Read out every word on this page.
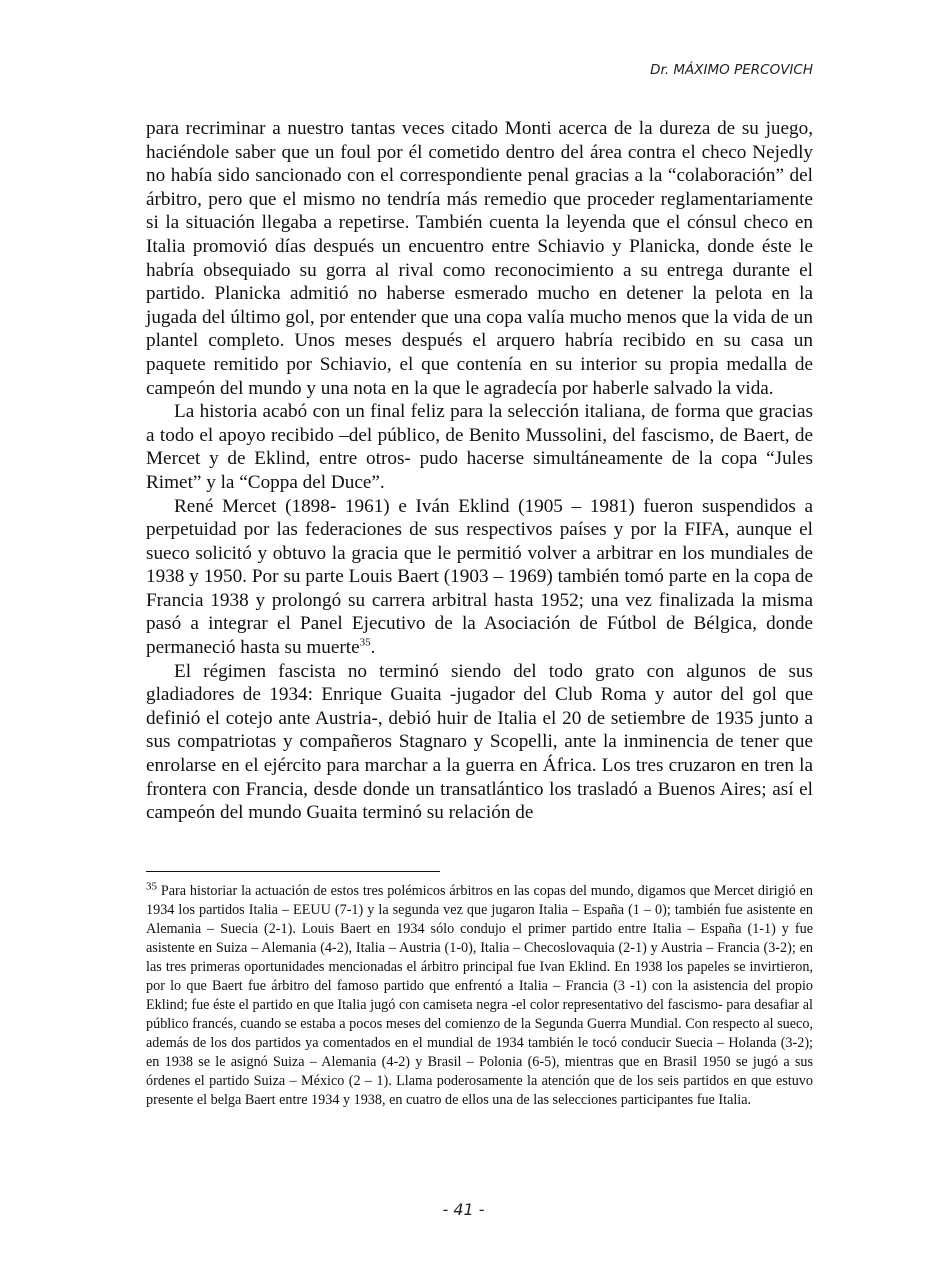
Dr. MÁXIMO PERCOVICH

para recriminar a nuestro tantas veces citado Monti acerca de la dureza de su juego, haciéndole saber que un foul por él cometido dentro del área contra el checo Nejedly no había sido sancionado con el correspondiente penal gracias a la “colaboración” del árbitro, pero que el mismo no tendría más remedio que proceder reglamentariamente si la situación llegaba a repetirse. También cuenta la leyenda que el cónsul checo en Italia promovió días después un encuentro entre Schiavio y Planicka, donde éste le habría obsequiado su gorra al rival como reconocimiento a su entrega durante el partido. Planicka admitió no haberse esmerado mucho en detener la pelota en la jugada del último gol, por entender que una copa valía mucho menos que la vida de un plantel completo. Unos meses después el arquero habría recibido en su casa un paquete remitido por Schiavio, el que contenía en su interior su propia medalla de campeón del mundo y una nota en la que le agradecía por haberle salvado la vida.

La historia acabó con un final feliz para la selección italiana, de forma que gracias a todo el apoyo recibido –del público, de Benito Mussolini, del fascismo, de Baert, de Mercet y de Eklind, entre otros- pudo hacerse simultáneamente de la copa “Jules Rimet” y la “Coppa del Duce”.

René Mercet (1898- 1961) e Iván Eklind (1905 – 1981) fueron suspendidos a perpetuidad por las federaciones de sus respectivos países y por la FIFA, aunque el sueco solicitó y obtuvo la gracia que le permitió volver a arbitrar en los mundiales de 1938 y 1950. Por su parte Louis Baert (1903 – 1969) también tomó parte en la copa de Francia 1938 y prolongó su carrera arbitral hasta 1952; una vez finalizada la misma pasó a integrar el Panel Ejecutivo de la Asociación de Fútbol de Bélgica, donde permaneció hasta su muerte$^{35}$.

El régimen fascista no terminó siendo del todo grato con algunos de sus gladiadores de 1934: Enrique Guaita -jugador del Club Roma y autor del gol que definió el cotejo ante Austria-, debió huir de Italia el 20 de setiembre de 1935 junto a sus compatriotas y compañeros Stagnaro y Scopelli, ante la inminencia de tener que enrolarse en el ejército para marchar a la guerra en África. Los tres cruzaron en tren la frontera con Francia, desde donde un transatlántico los trasladó a Buenos Aires; así el campeón del mundo Guaita terminó su relación de

$^{35}$ Para historiar la actuación de estos tres polémicos árbitros en las copas del mundo, digamos que Mercet dirigió en 1934 los partidos Italia – EEUU (7-1) y la segunda vez que jugaron Italia – España (1 – 0); también fue asistente en Alemania – Suecia (2-1). Louis Baert en 1934 sólo condujo el primer partido entre Italia – España (1-1) y fue asistente en Suiza – Alemania (4-2), Italia – Austria (1-0), Italia – Checoslovaquia (2-1) y Austria – Francia (3-2); en las tres primeras oportunidades mencionadas el árbitro principal fue Ivan Eklind. En 1938 los papeles se invirtieron, por lo que Baert fue árbitro del famoso partido que enfrentó a Italia – Francia (3 -1) con la asistencia del propio Eklind; fue éste el partido en que Italia jugó con camiseta negra -el color representativo del fascismo- para desafiar al público francés, cuando se estaba a pocos meses del comienzo de la Segunda Guerra Mundial. Con respecto al sueco, además de los dos partidos ya comentados en el mundial de 1934 también le tocó conducir Suecia – Holanda (3-2); en 1938 se le asignó Suiza – Alemania (4-2) y Brasil – Polonia (6-5), mientras que en Brasil 1950 se jugó a sus órdenes el partido Suiza – México (2 – 1). Llama poderosamente la atención que de los seis partidos en que estuvo presente el belga Baert entre 1934 y 1938, en cuatro de ellos una de las selecciones participantes fue Italia.

- 41 -
